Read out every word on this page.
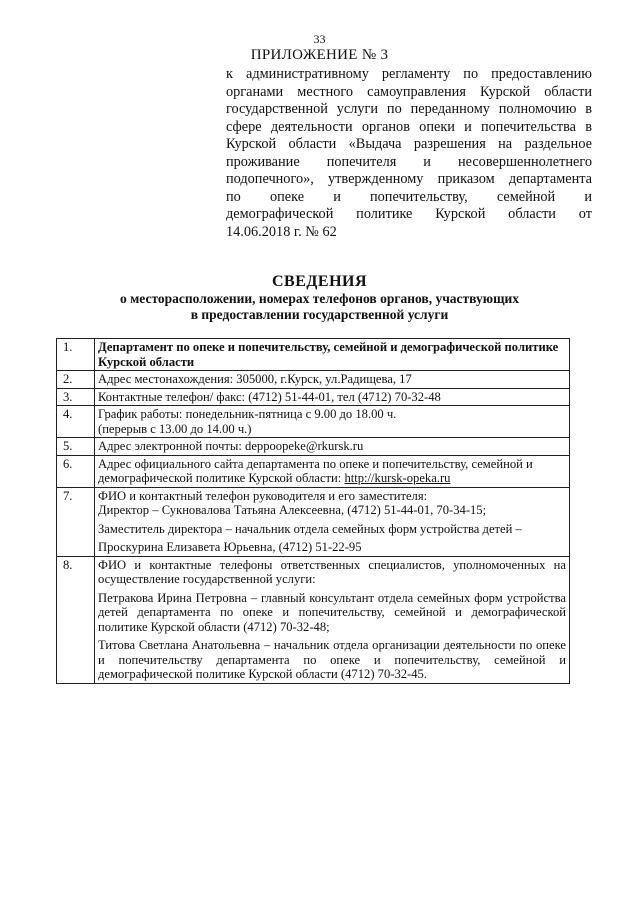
33
ПРИЛОЖЕНИЕ № 3
к административному регламенту по предоставлению
органами местного самоуправления Курской области
государственной услуги по переданному полномочию в
сфере деятельности органов опеки и попечительства в
Курской области «Выдача разрешения на раздельное
проживание попечителя и несовершеннолетнего
подопечного», утвержденному приказом департамента
по опеке и попечительству, семейной и
демографической политике Курской области от
14.06.2018 г. № 62
СВЕДЕНИЯ
о месторасположении, номерах телефонов органов, участвующих
в предоставлении государственной услуги
1.	Департамент по опеке и попечительству, семейной и демографической политике Курской области
2.	Адрес местонахождения: 305000, г.Курск, ул.Радищева, 17
3.	Контактные телефон/ факс: (4712) 51-44-01, тел (4712) 70-32-48
4.	График работы: понедельник-пятница с 9.00 до 18.00 ч.
(перерыв с 13.00 до 14.00 ч.)

5.	Адрес электронной почты: deppoopeke@rkursk.ru
6.	Адрес официального сайта департамента по опеке и попечительству, семейной и демографической политике Курской области: http://kursk-opeka.ru
7.	ФИО и контактный телефон руководителя и его заместителя:
Директор – Сукновалова Татьяна Алексеевна, (4712) 51-44-01, 70-34-15;
Заместитель директора – начальник отдела семейных форм устройства детей –
Проскурина Елизавета Юрьевна, (4712) 51-22-95

8.	ФИО и контактные телефоны ответственных специалистов, уполномоченных на осуществление государственной услуги:
Петракова Ирина Петровна – главный консультант отдела семейных форм устройства детей департамента по опеке и попечительству, семейной и демографической политике Курской области (4712) 70-32-48;
Титова Светлана Анатольевна – начальник отдела организации деятельности по опеке и попечительству департамента по опеке и попечительству, семейной и демографической политике Курской области (4712) 70-32-45.
